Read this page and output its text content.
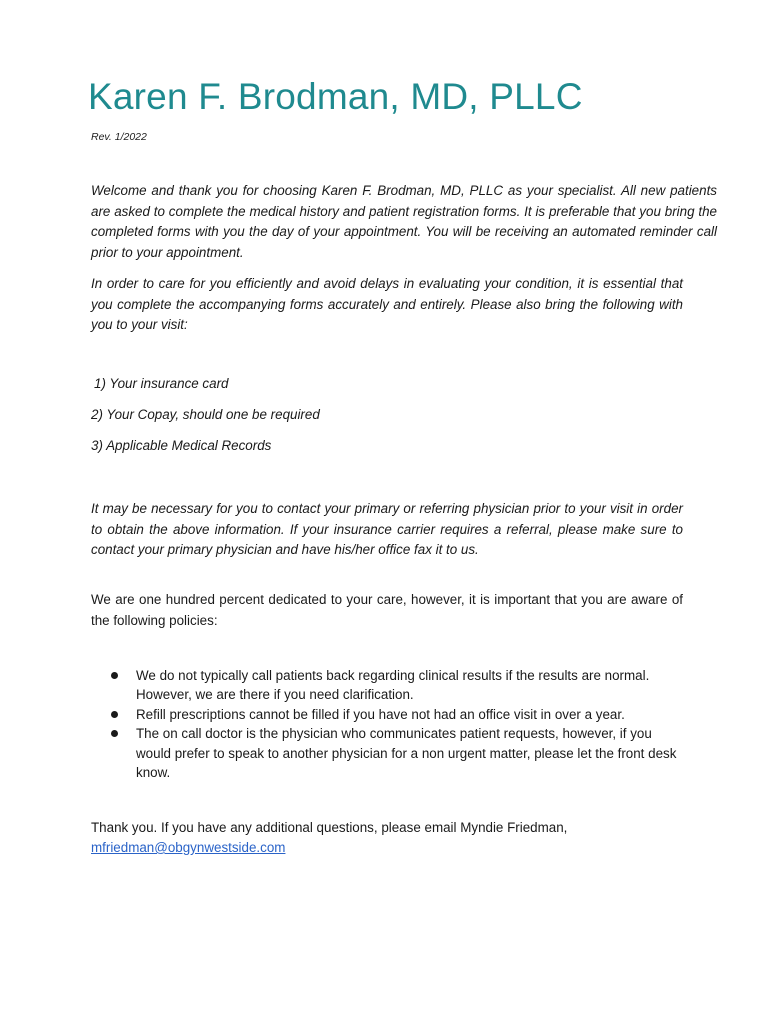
Karen F. Brodman, MD, PLLC
Rev. 1/2022

Welcome and thank you for choosing Karen F. Brodman, MD, PLLC as your specialist. All new patients are asked to complete the medical history and patient registration forms. It is preferable that you bring the completed forms with you the day of your appointment. You will be receiving an automated reminder call prior to your appointment.

In order to care for you efficiently and avoid delays in evaluating your condition, it is essential that you complete the accompanying forms accurately and entirely. Please also bring the following with you to your visit:

1) Your insurance card

2) Your Copay, should one be required

3) Applicable Medical Records

It may be necessary for you to contact your primary or referring physician prior to your visit in order to obtain the above information. If your insurance carrier requires a referral, please make sure to contact your primary physician and have his/her office fax it to us.

We are one hundred percent dedicated to your care, however, it is important that you are aware of the following policies:

We do not typically call patients back regarding clinical results if the results are normal. However, we are there if you need clarification.
Refill prescriptions cannot be filled if you have not had an office visit in over a year.
The on call doctor is the physician who communicates patient requests, however, if you would prefer to speak to another physician for a non urgent matter, please let the front desk know.

Thank you. If you have any additional questions, please email Myndie Friedman,
mfriedman@obgynwestside.com
